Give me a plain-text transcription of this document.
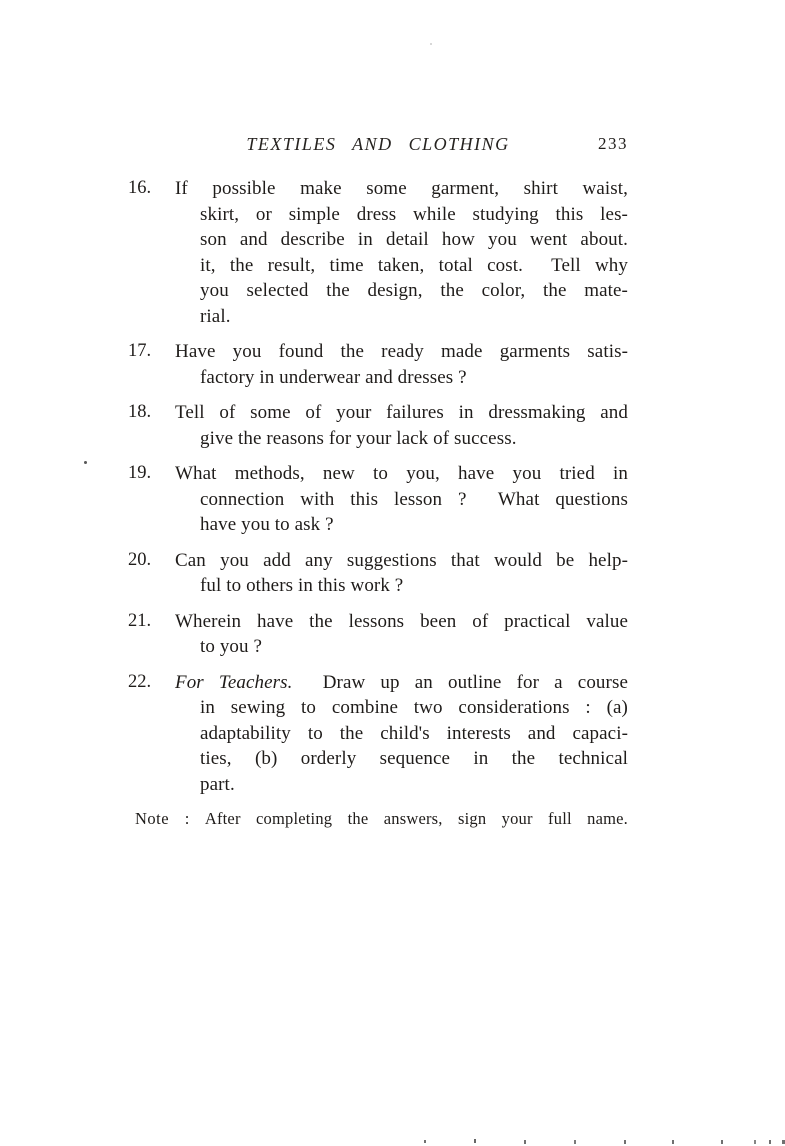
TEXTILES AND CLOTHING	233
16.	If possible make some garment, shirt waist,
skirt, or simple dress while studying this les-
son and describe in detail how you went about.
it, the result, time taken, total cost.  Tell why
you selected the design, the color, the mate-
rial.
17.	Have you found the ready made garments satis-
factory in underwear and dresses ?
18.	Tell of some of your failures in dressmaking and
give the reasons for your lack of success.
19.	What methods, new to you, have you tried in
connection with this lesson ?  What questions
have you to ask ?
20.	Can you add any suggestions that would be help-
ful to others in this work ?
21.	Wherein have the lessons been of practical value
to you ?
22.	For Teachers.  Draw up an outline for a course
in sewing to combine two considerations : (a)
adaptability to the child's interests and capaci-
ties, (b) orderly sequence in the technical
part.
Note : After completing the answers, sign your full name.
